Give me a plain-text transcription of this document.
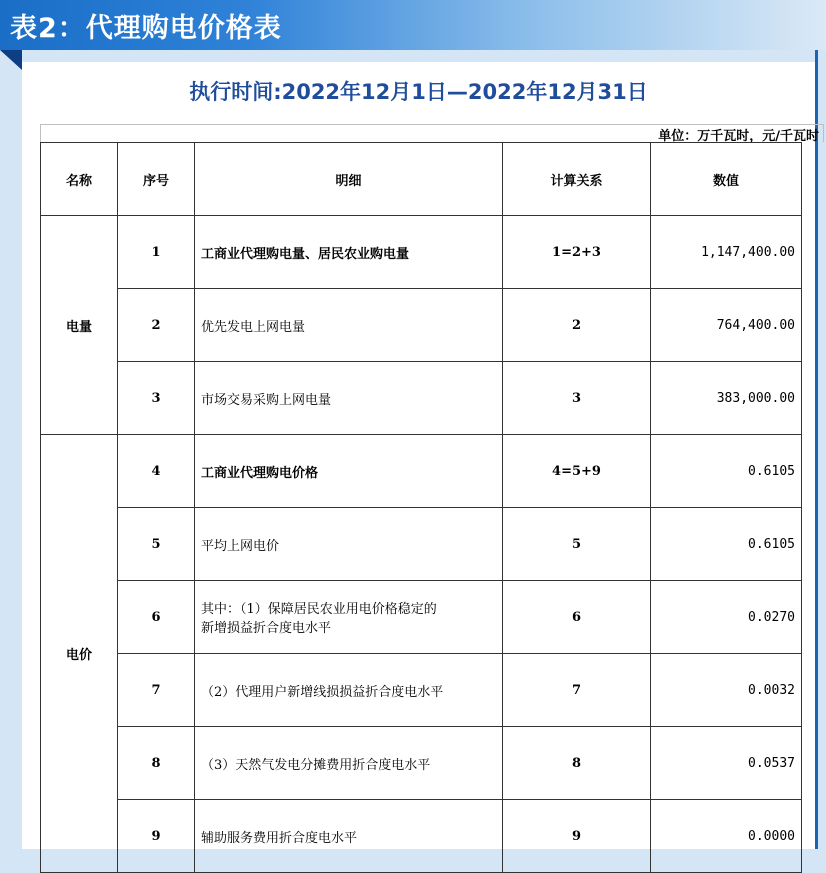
表2：代理购电价格表
执行时间:2022年12月1日—2022年12月31日
单位：万千瓦时，元/千瓦时
名称	序号	明细	计算关系	数值
电量	1	工商业代理购电量、居民农业购电量	1=2+3	1,147,400.00
	2	优先发电上网电量	2	764,400.00
	3	市场交易采购上网电量	3	383,000.00
电价	4	工商业代理购电价格	4=5+9	0.6105
	5	平均上网电价	5	0.6105
	6	其中：（1）保障居民农业用电价格稳定的
新增损益折合度电水平	6	0.0270
	7	（2）代理用户新增线损损益折合度电水平	7	0.0032
	8	（3）天然气发电分摊费用折合度电水平	8	0.0537
	9	辅助服务费用折合度电水平	9	0.0000
